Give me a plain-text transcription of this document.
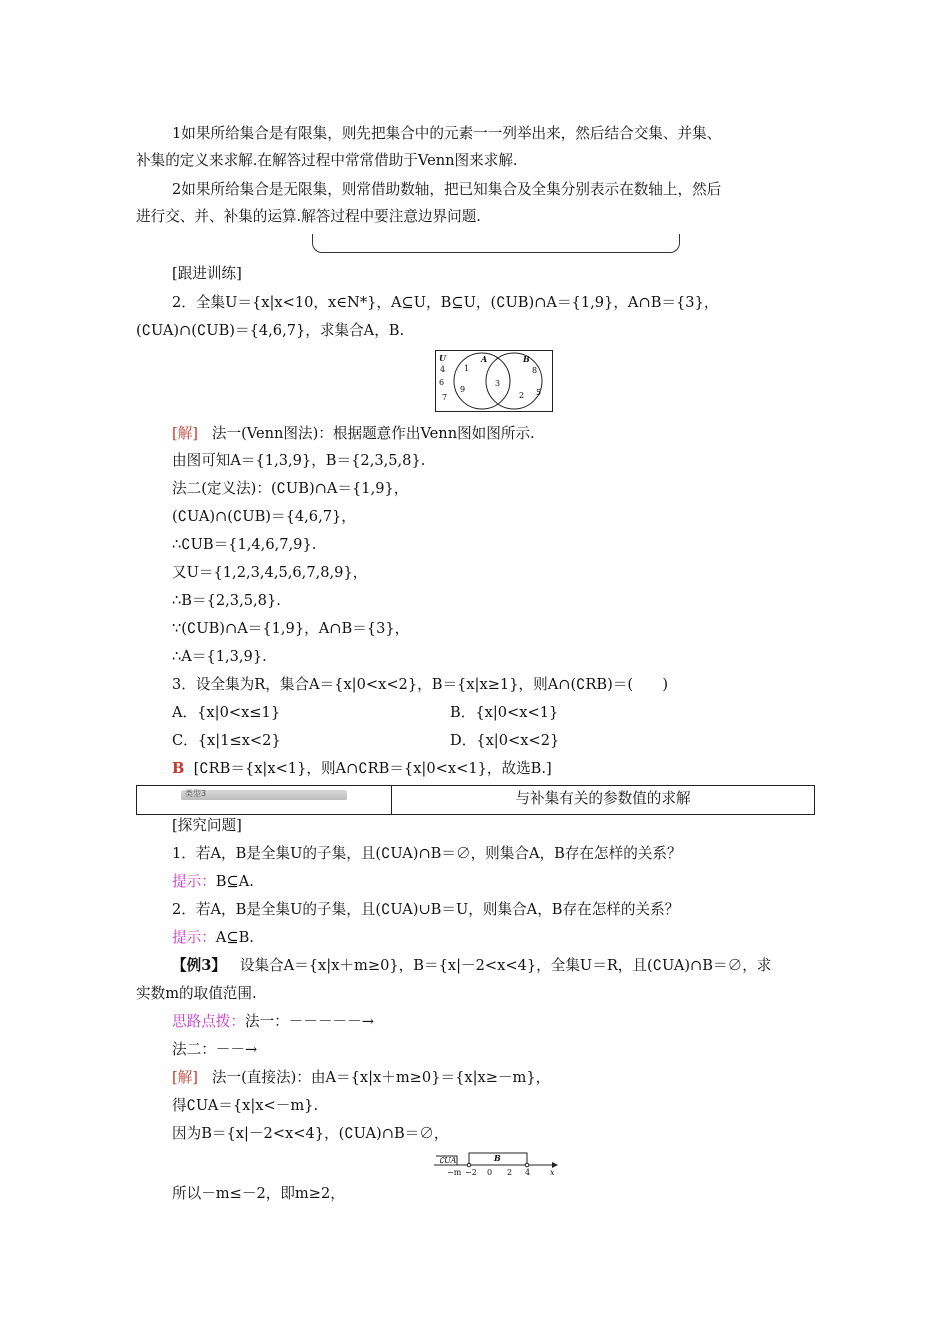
1如果所给集合是有限集，则先把集合中的元素一一列举出来，然后结合交集、并集、
补集的定义来求解.在解答过程中常常借助于Venn图来求解.
2如果所给集合是无限集，则常借助数轴，把已知集合及全集分别表示在数轴上，然后
进行交、并、补集的运算.解答过程中要注意边界问题.
[跟进训练]
2．全集U＝{x|x<10，x∈N*}，A⊆U，B⊆U，(∁UB)∩A＝{1,9}，A∩B＝{3}，
(∁UA)∩(∁UB)＝{4,6,7}，求集合A，B.
U	A	B
4
6
7
1
9
3
8
5
2
[解] 法一(Venn图法)：根据题意作出Venn图如图所示.
由图可知A＝{1,3,9}，B＝{2,3,5,8}.
法二(定义法)：(∁UB)∩A＝{1,9}，
(∁UA)∩(∁UB)＝{4,6,7}，
∴∁UB＝{1,4,6,7,9}.
又U＝{1,2,3,4,5,6,7,8,9}，
∴B＝{2,3,5,8}.
∵(∁UB)∩A＝{1,9}，A∩B＝{3}，
∴A＝{1,3,9}.
3．设全集为R，集合A＝{x|0<x<2}，B＝{x|x≥1}，则A∩(∁RB)＝(　　)
A．{x|0<x≤1}	B．{x|0<x<1}
C．{x|1≤x<2}	D．{x|0<x<2}
B [∁RB＝{x|x<1}，则A∩∁RB＝{x|0<x<1}，故选B.]
类型3	与补集有关的参数值的求解
[探究问题]
1．若A，B是全集U的子集，且(∁UA)∩B＝∅，则集合A，B存在怎样的关系？
提示：B⊆A.
2．若A，B是全集U的子集，且(∁UA)∪B＝U，则集合A，B存在怎样的关系？
提示：A⊆B.
【例3】 设集合A＝{x|x＋m≥0}，B＝{x|－2<x<4}，全集U＝R，且(∁UA)∩B＝∅，求
实数m的取值范围.
思路点拨：法一：－－－－－→
法二：－－→
[解] 法一(直接法)：由A＝{x|x＋m≥0}＝{x|x≥－m}，
得∁UA＝{x|x<－m}.
因为B＝{x|－2<x<4}，(∁UA)∩B＝∅，
∁UA	B
−m −2 0 2 4 x
所以－m≤－2，即m≥2，
